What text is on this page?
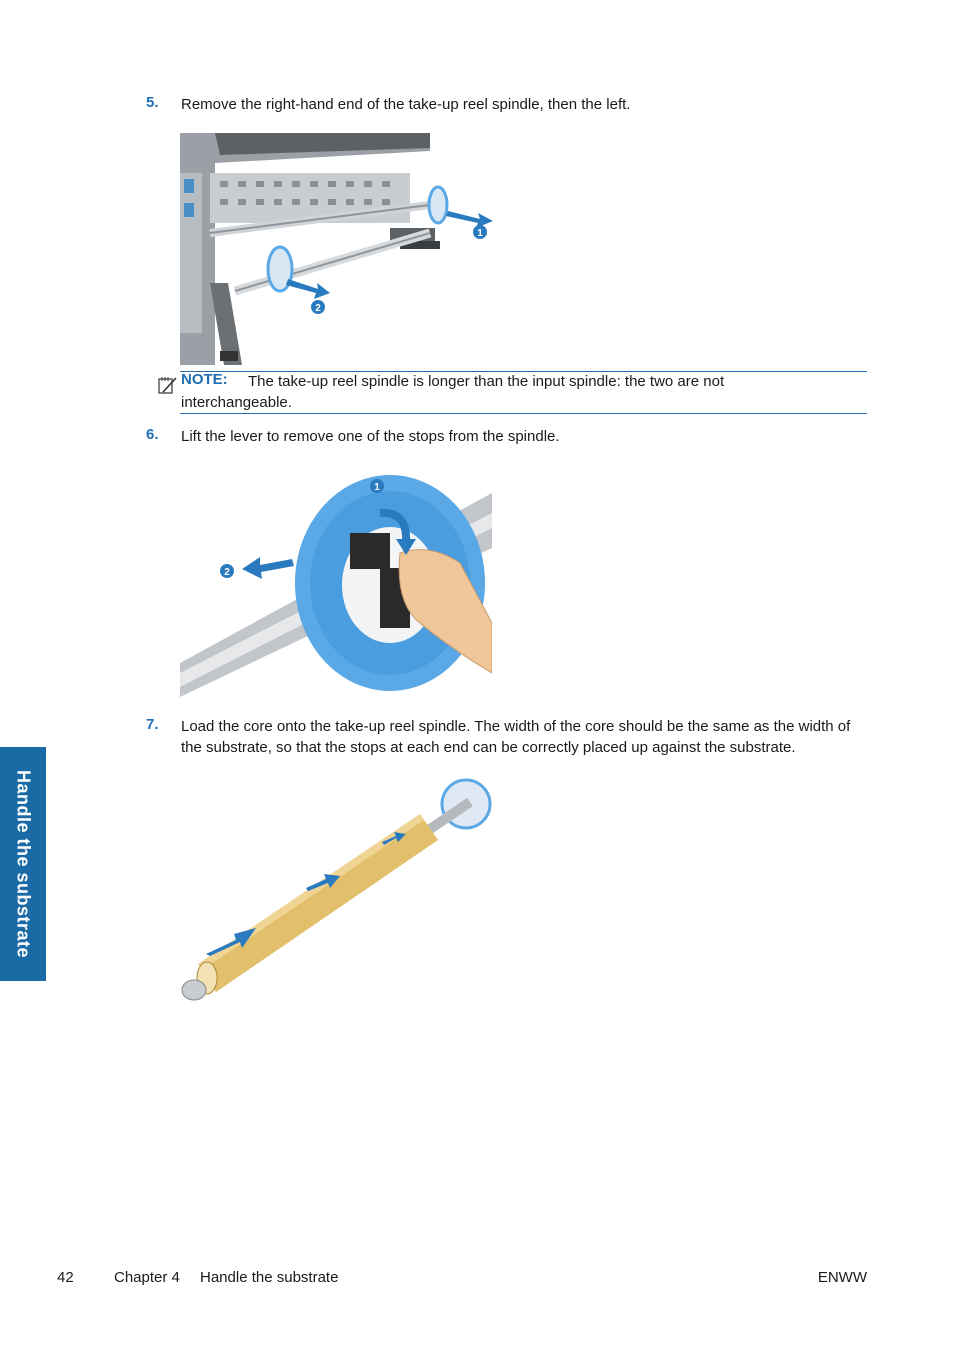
5. Remove the right-hand end of the take-up reel spindle, then the left.
1
2
NOTE:	The take-up reel spindle is longer than the input spindle: the two are not interchangeable.
6. Lift the lever to remove one of the stops from the spindle.
1
2
7. Load the core onto the take-up reel spindle. The width of the core should be the same as the width of the substrate, so that the stops at each end can be correctly placed up against the substrate.
Handle the substrate
42	Chapter 4 Handle the substrate	ENWW
